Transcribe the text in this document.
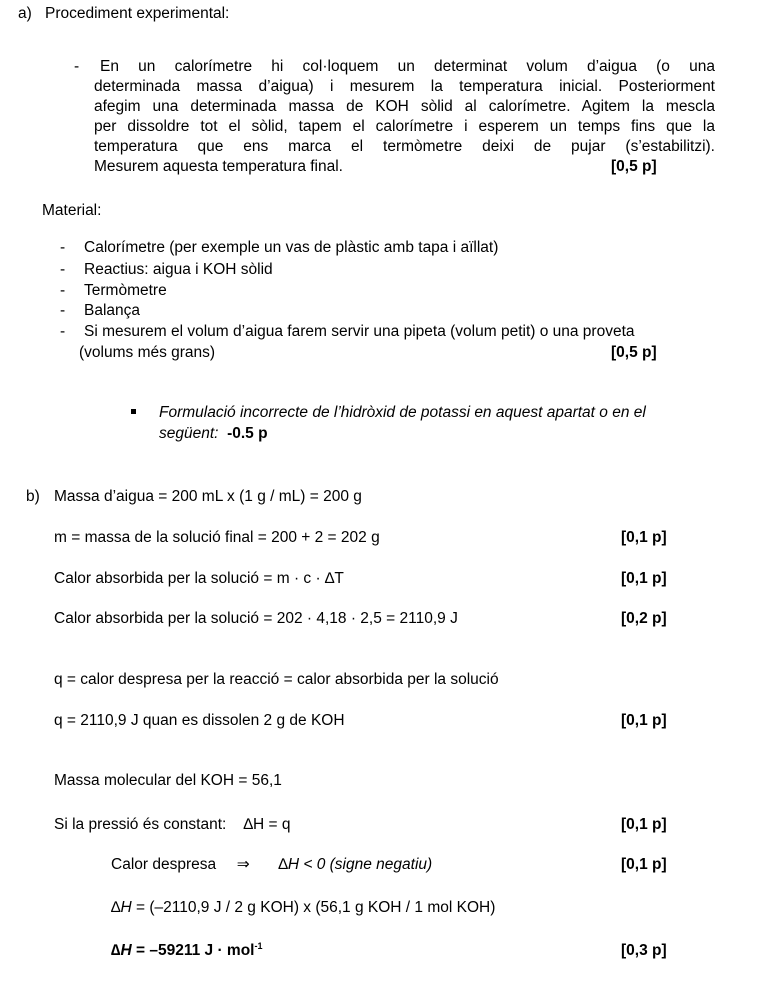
a) Procediment experimental:
-	En un calorímetre hi col·loquem un determinat volum d’aigua (o una
determinada massa d’aigua) i mesurem la temperatura inicial. Posteriorment
afegim una determinada massa de KOH sòlid al calorímetre. Agitem la mescla
per dissoldre tot el sòlid, tapem el calorímetre i esperem un temps fins que la
temperatura que ens marca el termòmetre deixi de pujar (s’estabilitzi).
Mesurem aquesta temperatura final.	[0,5 p]
Material:
- Calorímetre (per exemple un vas de plàstic amb tapa i aïllat)
- Reactius: aigua i KOH sòlid
- Termòmetre
- Balança
- Si mesurem el volum d’aigua farem servir una pipeta (volum petit) o una proveta
(volums més grans)	[0,5 p]
Formulació incorrecte de l’hidròxid de potassi en aquest apartat o en el
següent: -0.5 p
b) Massa d’aigua = 200 mL x (1 g / mL) = 200 g
m = massa de la solució final = 200 + 2 = 202 g	[0,1 p]
Calor absorbida per la solució = m · c · ∆T	[0,1 p]
Calor absorbida per la solució = 202 · 4,18 · 2,5 = 2110,9 J	[0,2 p]
q = calor despresa per la reacció = calor absorbida per la solució
q = 2110,9 J quan es dissolen 2 g de KOH	[0,1 p]
Massa molecular del KOH = 56,1
Si la pressió és constant:    ∆H = q	[0,1 p]
Calor despresa ⇒ ∆H < 0 (signe negatiu)	[0,1 p]
∆H = (–2110,9 J / 2 g KOH) x (56,1 g KOH / 1 mol KOH)
∆H = –59211 J · mol$^{-1}$	[0,3 p]
